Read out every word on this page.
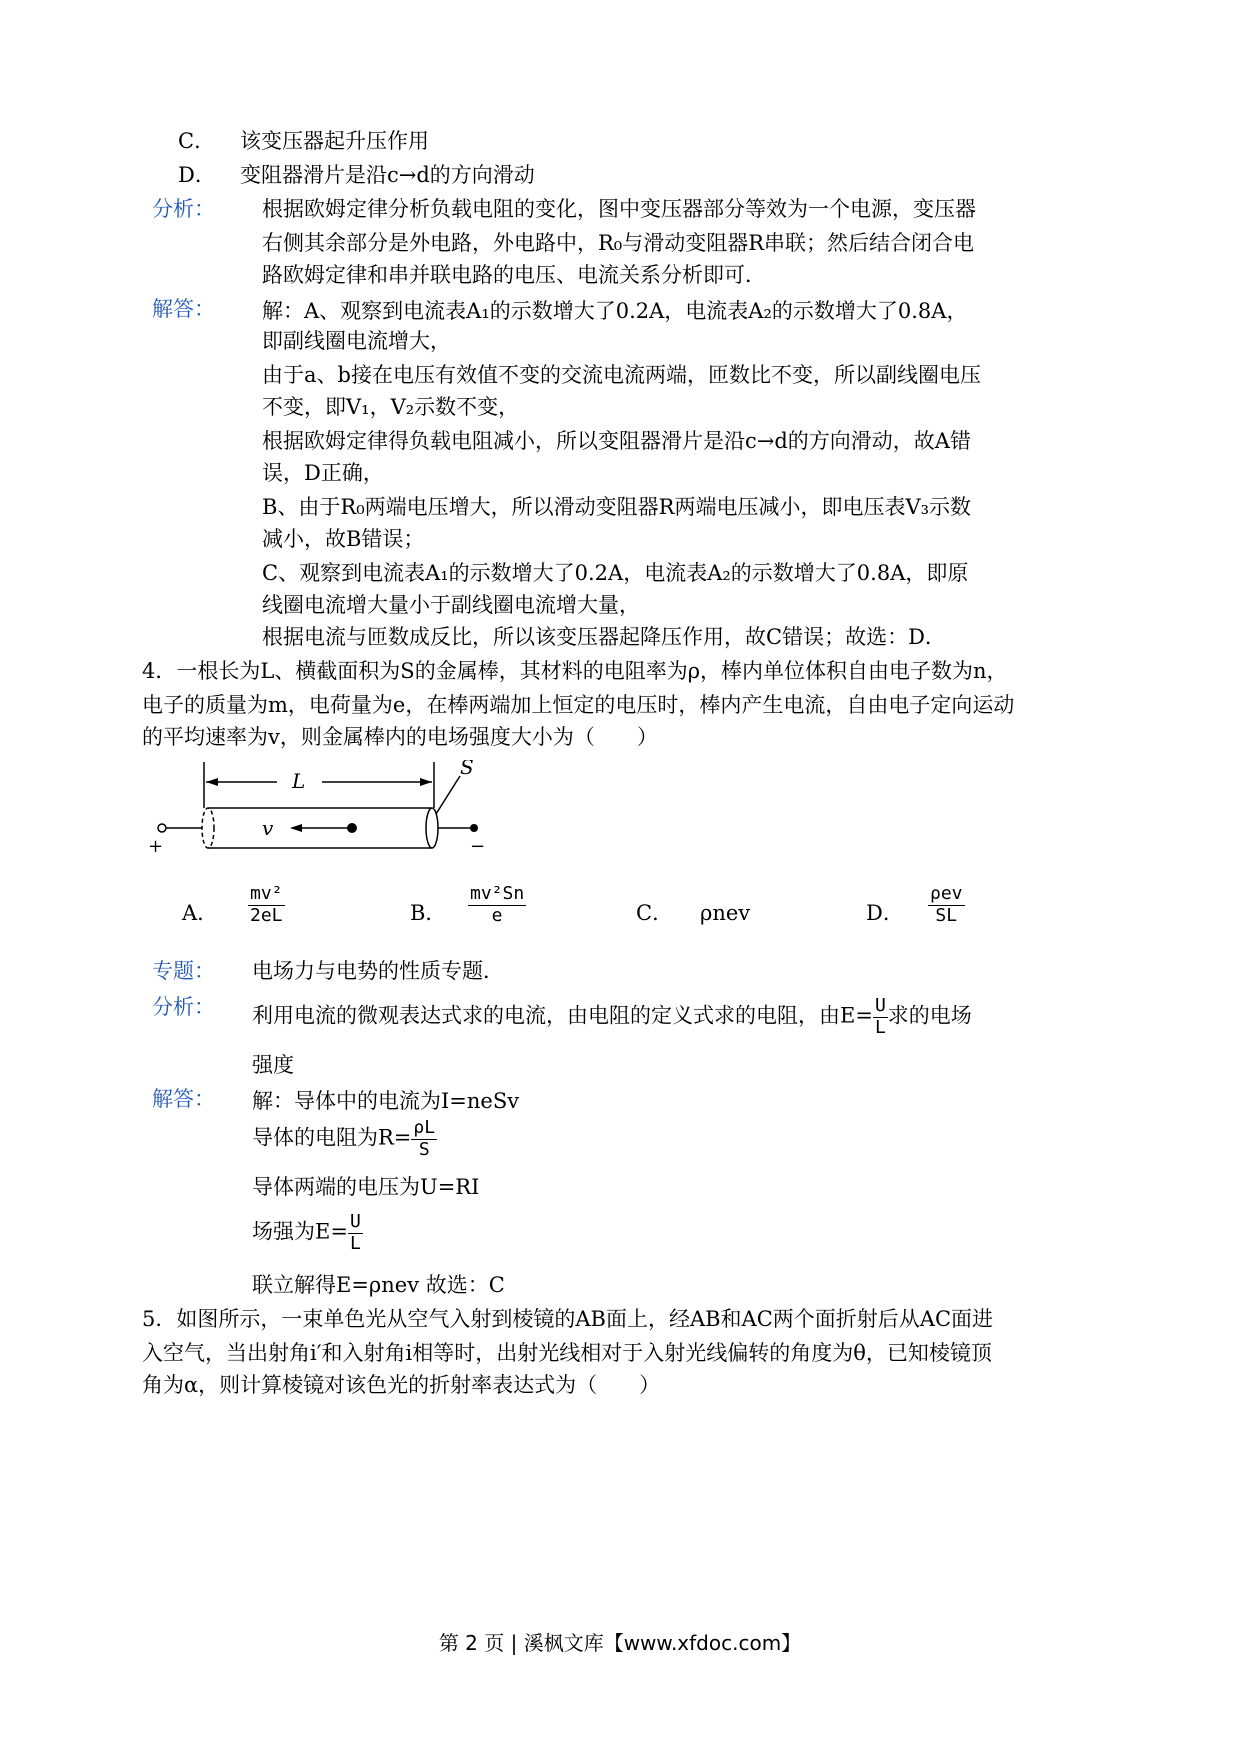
C． 该变压器起升压作用
D． 变阻器滑片是沿c→d的方向滑动
分析： 根据欧姆定律分析负载电阻的变化，图中变压器部分等效为一个电源，变压器
右侧其余部分是外电路，外电路中，R₀与滑动变阻器R串联；然后结合闭合电
路欧姆定律和串并联电路的电压、电流关系分析即可．
解答： 解：A、观察到电流表A₁的示数增大了0.2A，电流表A₂的示数增大了0.8A，
即副线圈电流增大，
由于a、b接在电压有效值不变的交流电流两端，匝数比不变，所以副线圈电压
不变，即V₁，V₂示数不变，
根据欧姆定律得负载电阻减小，所以变阻器滑片是沿c→d的方向滑动，故A错
误，D正确，
B、由于R₀两端电压增大，所以滑动变阻器R两端电压减小，即电压表V₃示数
减小，故B错误；
C、观察到电流表A₁的示数增大了0.2A，电流表A₂的示数增大了0.8A，即原
线圈电流增大量小于副线圈电流增大量，
根据电流与匝数成反比，所以该变压器起降压作用，故C错误；故选：D．
4．一根长为L、横截面积为S的金属棒，其材料的电阻率为ρ，棒内单位体积自由电子数为n，
电子的质量为m，电荷量为e，在棒两端加上恒定的电压时，棒内产生电流，自由电子定向运动
的平均速率为v，则金属棒内的电场强度大小为（　　）
L
S
+	−
v
A． $\frac{\text{mv²}}{2eL}$	B． $\frac{\text{mv²Sn}}{e}$	C． ρnev	D． $\frac{\text{ρev}}{SL}$
专题： 电场力与电势的性质专题．
分析： 利用电流的微观表达式求的电流，由电阻的定义式求的电阻，由$E= \frac{U}{L}$ 求的电场
强度
解答： 解：导体中的电流为I=neSv
导体的电阻为$R= \frac{\rho L}{S}$
导体两端的电压为U=RI
场强为$E= \frac{U}{L}$
联立解得E=ρnev 故选：C
5．如图所示，一束单色光从空气入射到棱镜的AB面上，经AB和AC两个面折射后从AC面进
入空气，当出射角i′和入射角i相等时，出射光线相对于入射光线偏转的角度为θ，已知棱镜顶
角为α，则计算棱镜对该色光的折射率表达式为（　　）
第 2 页 | 溪枫文库【www.xfdoc.com】
